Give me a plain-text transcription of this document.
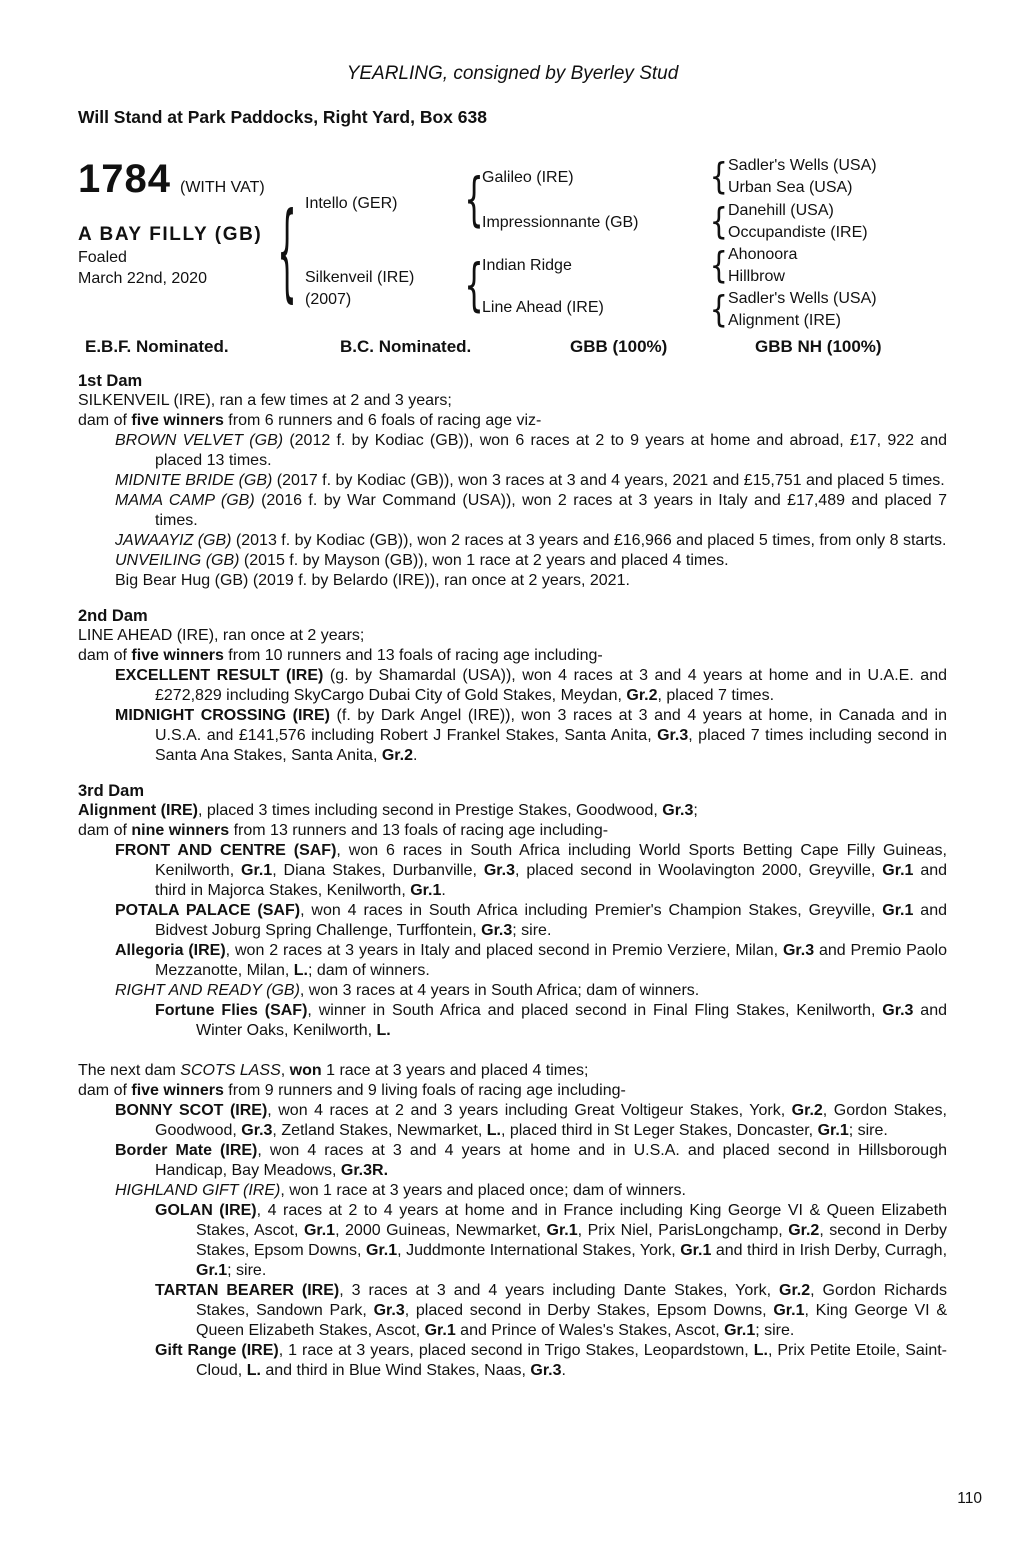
YEARLING, consigned by Byerley Stud
Will Stand at Park Paddocks, Right Yard, Box 638
1784 (WITH VAT)
A BAY FILLY (GB)
Foaled
March 22nd, 2020 {	{
{
{
{
{
{
Intello (GER)
Silkenveil (IRE)
(2007)
Galileo (IRE)
Impressionnante (GB)
Indian Ridge
Line Ahead (IRE)
Sadler's Wells (USA)
Urban Sea (USA)
Danehill (USA)
Occupandiste (IRE)
Ahonoora
Hillbrow
Sadler's Wells (USA)
Alignment (IRE)
E.B.F. Nominated.	B.C. Nominated.	GBB (100%)	GBB NH (100%)
1st Dam
SILKENVEIL (IRE), ran a few times at 2 and 3 years;
dam of five winners from 6 runners and 6 foals of racing age viz-
BROWN VELVET (GB) (2012 f. by Kodiac (GB)), won 6 races at 2 to 9 years at home and abroad, £17, 922 and placed 13 times.
MIDNITE BRIDE (GB) (2017 f. by Kodiac (GB)), won 3 races at 3 and 4 years, 2021 and £15,751 and placed 5 times.
MAMA CAMP (GB) (2016 f. by War Command (USA)), won 2 races at 3 years in Italy and £17,489 and placed 7 times.
JAWAAYIZ (GB) (2013 f. by Kodiac (GB)), won 2 races at 3 years and £16,966 and placed 5 times, from only 8 starts.
UNVEILING (GB) (2015 f. by Mayson (GB)), won 1 race at 2 years and placed 4 times.
Big Bear Hug (GB) (2019 f. by Belardo (IRE)), ran once at 2 years, 2021.
2nd Dam
LINE AHEAD (IRE), ran once at 2 years;
dam of five winners from 10 runners and 13 foals of racing age including-
EXCELLENT RESULT (IRE) (g. by Shamardal (USA)), won 4 races at 3 and 4 years at home and in U.A.E. and £272,829 including SkyCargo Dubai City of Gold Stakes, Meydan, Gr.2, placed 7 times.
MIDNIGHT CROSSING (IRE) (f. by Dark Angel (IRE)), won 3 races at 3 and 4 years at home, in Canada and in U.S.A. and £141,576 including Robert J Frankel Stakes, Santa Anita, Gr.3, placed 7 times including second in Santa Ana Stakes, Santa Anita, Gr.2.
3rd Dam
Alignment (IRE), placed 3 times including second in Prestige Stakes, Goodwood, Gr.3;
dam of nine winners from 13 runners and 13 foals of racing age including-
FRONT AND CENTRE (SAF), won 6 races in South Africa including World Sports Betting Cape Filly Guineas, Kenilworth, Gr.1, Diana Stakes, Durbanville, Gr.3, placed second in Woolavington 2000, Greyville, Gr.1 and third in Majorca Stakes, Kenilworth, Gr.1.
POTALA PALACE (SAF), won 4 races in South Africa including Premier's Champion Stakes, Greyville, Gr.1 and Bidvest Joburg Spring Challenge, Turffontein, Gr.3; sire.
Allegoria (IRE), won 2 races at 3 years in Italy and placed second in Premio Verziere, Milan, Gr.3 and Premio Paolo Mezzanotte, Milan, L.; dam of winners.
RIGHT AND READY (GB), won 3 races at 4 years in South Africa; dam of winners.
Fortune Flies (SAF), winner in South Africa and placed second in Final Fling Stakes, Kenilworth, Gr.3 and Winter Oaks, Kenilworth, L.
The next dam SCOTS LASS, won 1 race at 3 years and placed 4 times;
dam of five winners from 9 runners and 9 living foals of racing age including-
BONNY SCOT (IRE), won 4 races at 2 and 3 years including Great Voltigeur Stakes, York, Gr.2, Gordon Stakes, Goodwood, Gr.3, Zetland Stakes, Newmarket, L., placed third in St Leger Stakes, Doncaster, Gr.1; sire.
Border Mate (IRE), won 4 races at 3 and 4 years at home and in U.S.A. and placed second in Hillsborough Handicap, Bay Meadows, Gr.3R.
HIGHLAND GIFT (IRE), won 1 race at 3 years and placed once; dam of winners.
GOLAN (IRE), 4 races at 2 to 4 years at home and in France including King George VI & Queen Elizabeth Stakes, Ascot, Gr.1, 2000 Guineas, Newmarket, Gr.1, Prix Niel, ParisLongchamp, Gr.2, second in Derby Stakes, Epsom Downs, Gr.1, Juddmonte International Stakes, York, Gr.1 and third in Irish Derby, Curragh, Gr.1; sire.
TARTAN BEARER (IRE), 3 races at 3 and 4 years including Dante Stakes, York, Gr.2, Gordon Richards Stakes, Sandown Park, Gr.3, placed second in Derby Stakes, Epsom Downs, Gr.1, King George VI & Queen Elizabeth Stakes, Ascot, Gr.1 and Prince of Wales's Stakes, Ascot, Gr.1; sire.
Gift Range (IRE), 1 race at 3 years, placed second in Trigo Stakes, Leopardstown, L., Prix Petite Etoile, Saint-Cloud, L. and third in Blue Wind Stakes, Naas, Gr.3.
110
